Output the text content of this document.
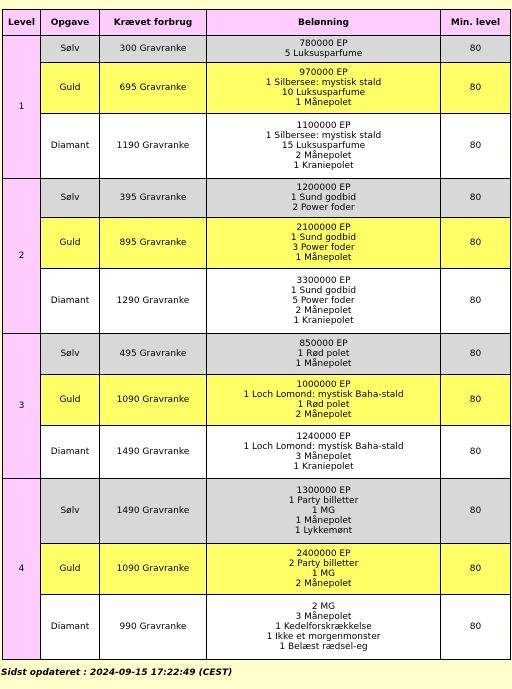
Level	Opgave	Krævet forbrug	Belønning	Min. level
1	Sølv	300 Gravranke	780000 EP
5 Luksusparfume	80
	Guld	695 Gravranke	970000 EP
1 Silbersee: mystisk stald
10 Luksusparfume
1 Månepolet	80
	Diamant	1190 Gravranke	1100000 EP
1 Silbersee: mystisk stald
15 Luksusparfume
2 Månepolet
1 Kraniepolet	80
2	Sølv	395 Gravranke	1200000 EP
1 Sund godbid
2 Power foder	80
	Guld	895 Gravranke	2100000 EP
1 Sund godbid
3 Power foder
1 Månepolet	80
	Diamant	1290 Gravranke	3300000 EP
1 Sund godbid
5 Power foder
2 Månepolet
1 Kraniepolet	80
3	Sølv	495 Gravranke	850000 EP
1 Rød polet
1 Månepolet	80
	Guld	1090 Gravranke	1000000 EP
1 Loch Lomond: mystisk Baha-stald
1 Rød polet
2 Månepolet	80
	Diamant	1490 Gravranke	1240000 EP
1 Loch Lomond: mystisk Baha-stald
3 Månepolet
1 Kraniepolet	80
4	Sølv	1490 Gravranke	1300000 EP
1 Party billetter
1 MG
1 Månepolet
1 Lykkemønt	80
	Guld	1090 Gravranke	2400000 EP
2 Party billetter
1 MG
2 Månepolet	80
	Diamant	990 Gravranke	2 MG
3 Månepolet
1 Kedelforskrækkelse
1 Ikke et morgenmonster
1 Belæst rædsel-eg	80
Sidst opdateret : 2024-09-15 17:22:49 (CEST)
